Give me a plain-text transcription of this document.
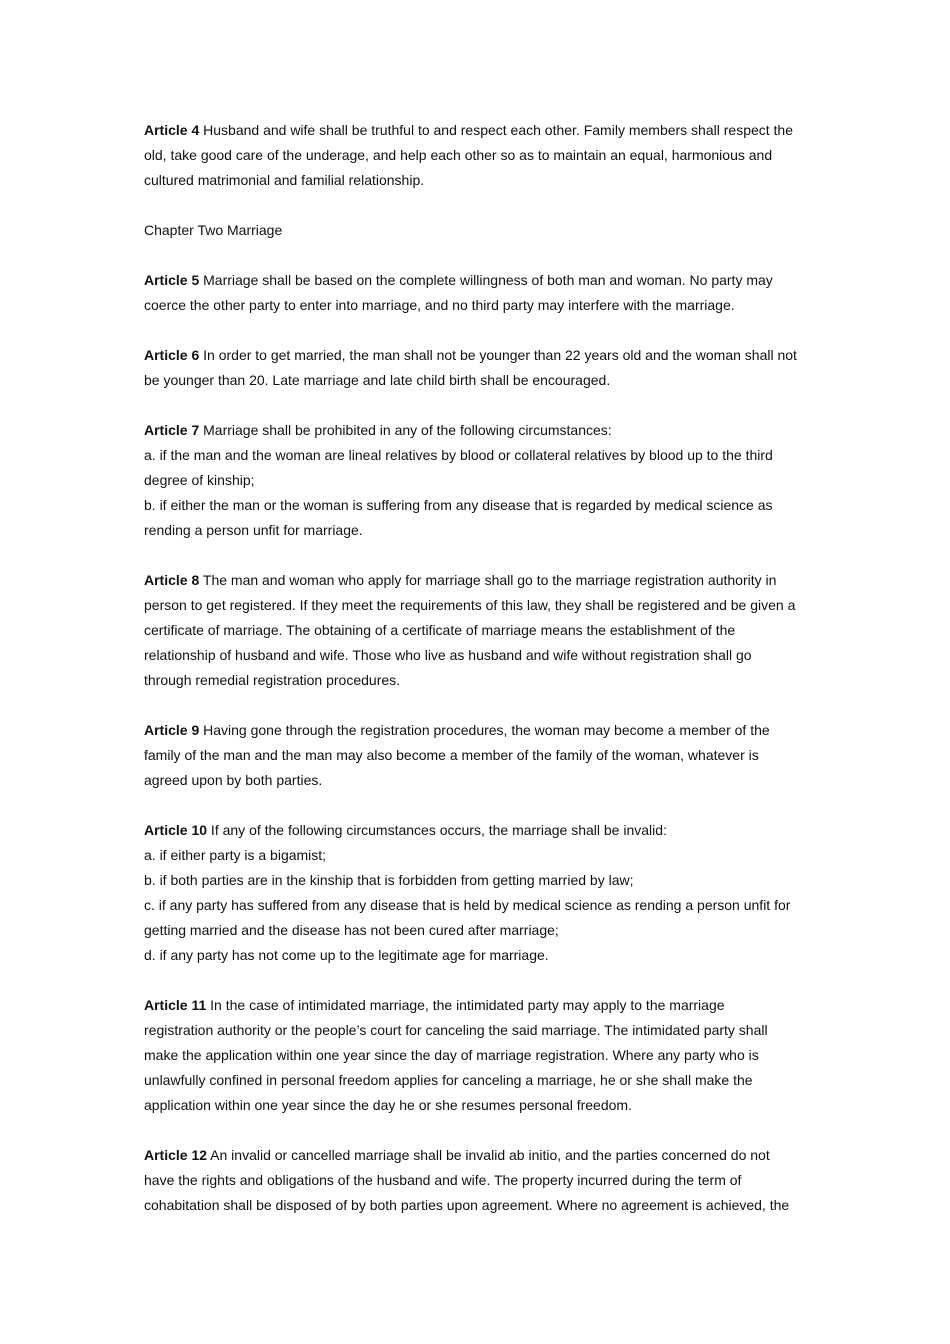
Article 4 Husband and wife shall be truthful to and respect each other. Family members shall respect the
old, take good care of the underage, and help each other so as to maintain an equal, harmonious and
cultured matrimonial and familial relationship.

Chapter Two Marriage

Article 5 Marriage shall be based on the complete willingness of both man and woman. No party may
coerce the other party to enter into marriage, and no third party may interfere with the marriage.

Article 6 In order to get married, the man shall not be younger than 22 years old and the woman shall not
be younger than 20. Late marriage and late child birth shall be encouraged.

Article 7 Marriage shall be prohibited in any of the following circumstances:
a. if the man and the woman are lineal relatives by blood or collateral relatives by blood up to the third
degree of kinship;
b. if either the man or the woman is suffering from any disease that is regarded by medical science as
rending a person unfit for marriage.

Article 8 The man and woman who apply for marriage shall go to the marriage registration authority in
person to get registered. If they meet the requirements of this law, they shall be registered and be given a
certificate of marriage. The obtaining of a certificate of marriage means the establishment of the
relationship of husband and wife. Those who live as husband and wife without registration shall go
through remedial registration procedures.

Article 9 Having gone through the registration procedures, the woman may become a member of the
family of the man and the man may also become a member of the family of the woman, whatever is
agreed upon by both parties.

Article 10 If any of the following circumstances occurs, the marriage shall be invalid:
a. if either party is a bigamist;
b. if both parties are in the kinship that is forbidden from getting married by law;
c. if any party has suffered from any disease that is held by medical science as rending a person unfit for
getting married and the disease has not been cured after marriage;
d. if any party has not come up to the legitimate age for marriage.

Article 11 In the case of intimidated marriage, the intimidated party may apply to the marriage
registration authority or the people’s court for canceling the said marriage. The intimidated party shall
make the application within one year since the day of marriage registration. Where any party who is
unlawfully confined in personal freedom applies for canceling a marriage, he or she shall make the
application within one year since the day he or she resumes personal freedom.

Article 12 An invalid or cancelled marriage shall be invalid ab initio, and the parties concerned do not
have the rights and obligations of the husband and wife. The property incurred during the term of
cohabitation shall be disposed of by both parties upon agreement. Where no agreement is achieved, the
